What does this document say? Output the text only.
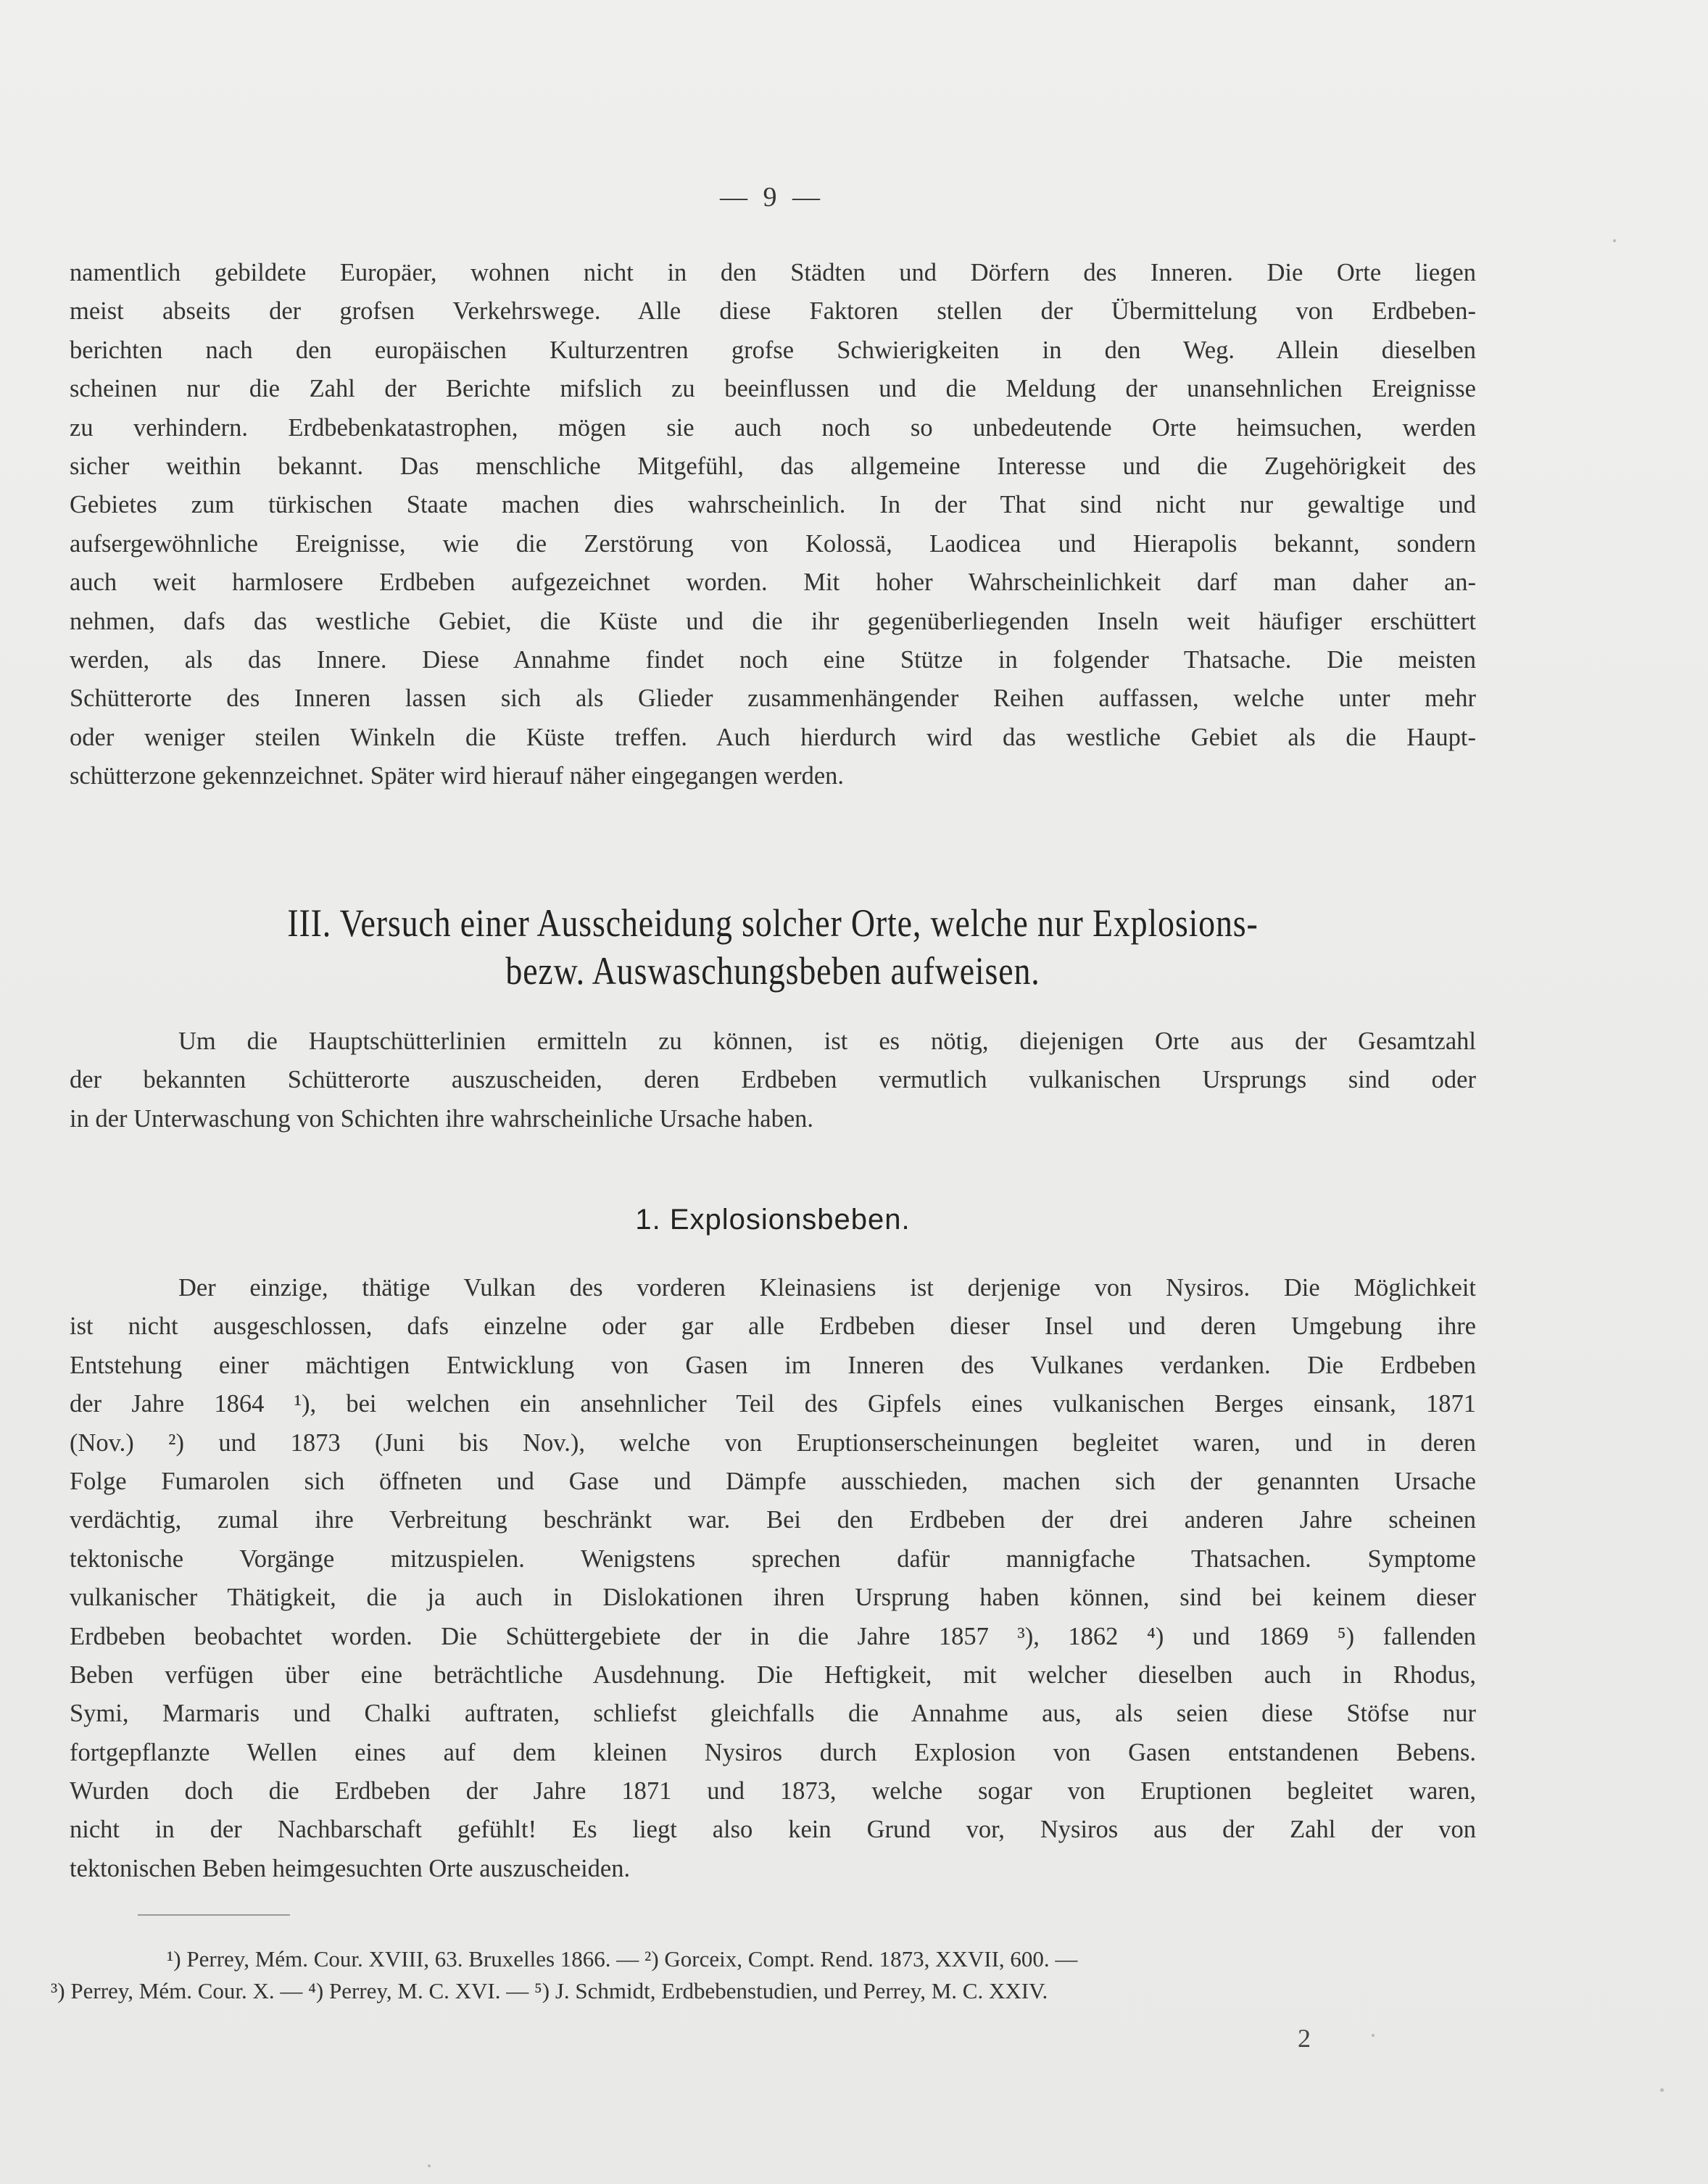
— 9 —
namentlich gebildete Europäer, wohnen nicht in den Städten und Dörfern des Inneren. Die Orte liegen
meist abseits der grofsen Verkehrswege. Alle diese Faktoren stellen der Übermittelung von Erdbeben-
berichten nach den europäischen Kulturzentren grofse Schwierigkeiten in den Weg. Allein dieselben
scheinen nur die Zahl der Berichte mifslich zu beeinflussen und die Meldung der unansehnlichen Ereignisse
zu verhindern. Erdbebenkatastrophen, mögen sie auch noch so unbedeutende Orte heimsuchen, werden
sicher weithin bekannt. Das menschliche Mitgefühl, das allgemeine Interesse und die Zugehörigkeit des
Gebietes zum türkischen Staate machen dies wahrscheinlich. In der That sind nicht nur gewaltige und
aufsergewöhnliche Ereignisse, wie die Zerstörung von Kolossä, Laodicea und Hierapolis bekannt, sondern
auch weit harmlosere Erdbeben aufgezeichnet worden. Mit hoher Wahrscheinlichkeit darf man daher an-
nehmen, dafs das westliche Gebiet, die Küste und die ihr gegenüberliegenden Inseln weit häufiger erschüttert
werden, als das Innere. Diese Annahme findet noch eine Stütze in folgender Thatsache. Die meisten
Schütterorte des Inneren lassen sich als Glieder zusammenhängender Reihen auffassen, welche unter mehr
oder weniger steilen Winkeln die Küste treffen. Auch hierdurch wird das westliche Gebiet als die Haupt-
schütterzone gekennzeichnet. Später wird hierauf näher eingegangen werden.
III. Versuch einer Ausscheidung solcher Orte, welche nur Explosions-
bezw. Auswaschungsbeben aufweisen.
Um die Hauptschütterlinien ermitteln zu können, ist es nötig, diejenigen Orte aus der Gesamtzahl
der bekannten Schütterorte auszuscheiden, deren Erdbeben vermutlich vulkanischen Ursprungs sind oder
in der Unterwaschung von Schichten ihre wahrscheinliche Ursache haben.
1. Explosionsbeben.
Der einzige, thätige Vulkan des vorderen Kleinasiens ist derjenige von Nysiros. Die Möglichkeit
ist nicht ausgeschlossen, dafs einzelne oder gar alle Erdbeben dieser Insel und deren Umgebung ihre
Entstehung einer mächtigen Entwicklung von Gasen im Inneren des Vulkanes verdanken. Die Erdbeben
der Jahre 1864 ¹), bei welchen ein ansehnlicher Teil des Gipfels eines vulkanischen Berges einsank, 1871
(Nov.) ²) und 1873 (Juni bis Nov.), welche von Eruptionserscheinungen begleitet waren, und in deren
Folge Fumarolen sich öffneten und Gase und Dämpfe ausschieden, machen sich der genannten Ursache
verdächtig, zumal ihre Verbreitung beschränkt war. Bei den Erdbeben der drei anderen Jahre scheinen
tektonische Vorgänge mitzuspielen. Wenigstens sprechen dafür mannigfache Thatsachen. Symptome
vulkanischer Thätigkeit, die ja auch in Dislokationen ihren Ursprung haben können, sind bei keinem dieser
Erdbeben beobachtet worden. Die Schüttergebiete der in die Jahre 1857 ³), 1862 ⁴) und 1869 ⁵) fallenden
Beben verfügen über eine beträchtliche Ausdehnung. Die Heftigkeit, mit welcher dieselben auch in Rhodus,
Symi, Marmaris und Chalki auftraten, schliefst gleichfalls die Annahme aus, als seien diese Stöfse nur
fortgepflanzte Wellen eines auf dem kleinen Nysiros durch Explosion von Gasen entstandenen Bebens.
Wurden doch die Erdbeben der Jahre 1871 und 1873, welche sogar von Eruptionen begleitet waren,
nicht in der Nachbarschaft gefühlt! Es liegt also kein Grund vor, Nysiros aus der Zahl der von
tektonischen Beben heimgesuchten Orte auszuscheiden.
¹) Perrey, Mém. Cour. XVIII, 63. Bruxelles 1866. — ²) Gorceix, Compt. Rend. 1873, XXVII, 600. —
³) Perrey, Mém. Cour. X. — ⁴) Perrey, M. C. XVI. — ⁵) J. Schmidt, Erdbebenstudien, und Perrey, M. C. XXIV.
2
